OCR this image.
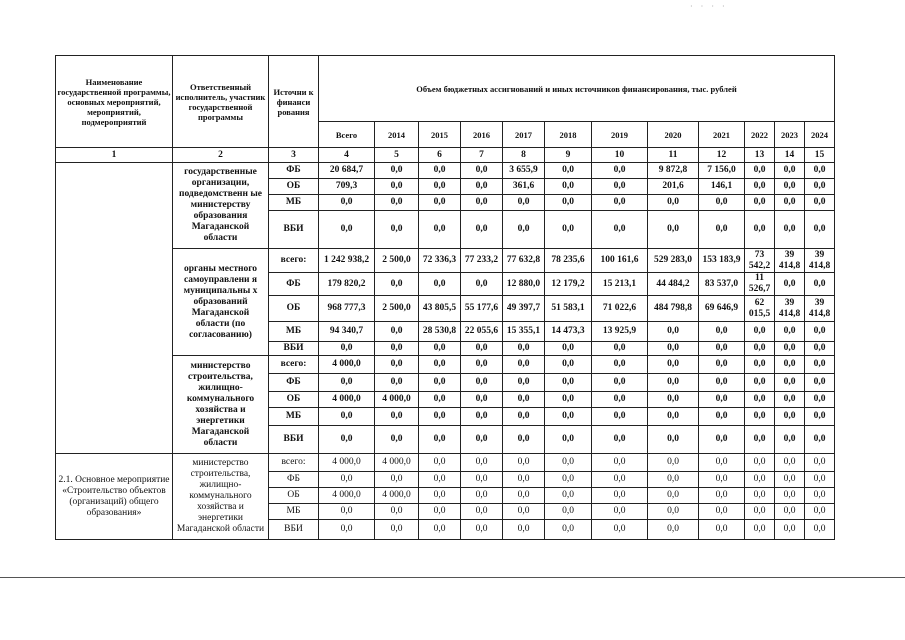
· · · ·
Наименование государственной программы, основных мероприятий, мероприятий, подмероприятий	Ответственный исполнитель, участник государственной программы	Источни к финанси рования	Объем бюджетных ассигнований и иных источников финансирования, тыс. рублей											
			Всего	2014	2015	2016	2017	2018	2019	2020	2021	2022	2023	2024
1	2	3	4	5	6	7	8	9	10	11	12	13	14	15
	государственные организации, подведомственн ые министерству образования Магаданской области	ФБ	20 684,7	0,0	0,0	0,0	3 655,9	0,0	0,0	9 872,8	7 156,0	0,0	0,0	0,0
		ОБ	709,3	0,0	0,0	0,0	361,6	0,0	0,0	201,6	146,1	0,0	0,0	0,0
		МБ	0,0	0,0	0,0	0,0	0,0	0,0	0,0	0,0	0,0	0,0	0,0	0,0
		ВБИ	0,0	0,0	0,0	0,0	0,0	0,0	0,0	0,0	0,0	0,0	0,0	0,0
	органы местного самоуправлени я муниципальны х образований Магаданской области (по согласованию)	всего:	1 242 938,2	2 500,0	72 336,3	77 233,2	77 632,8	78 235,6	100 161,6	529 283,0	153 183,9	73 542,2	39 414,8	39 414,8
		ФБ	179 820,2	0,0	0,0	0,0	12 880,0	12 179,2	15 213,1	44 484,2	83 537,0	11 526,7	0,0	0,0
		ОБ	968 777,3	2 500,0	43 805,5	55 177,6	49 397,7	51 583,1	71 022,6	484 798,8	69 646,9	62 015,5	39 414,8	39 414,8
		МБ	94 340,7	0,0	28 530,8	22 055,6	15 355,1	14 473,3	13 925,9	0,0	0,0	0,0	0,0	0,0
		ВБИ	0,0	0,0	0,0	0,0	0,0	0,0	0,0	0,0	0,0	0,0	0,0	0,0
	министерство строительства, жилищно- коммунального хозяйства и энергетики Магаданской области	всего:	4 000,0	0,0	0,0	0,0	0,0	0,0	0,0	0,0	0,0	0,0	0,0	0,0
		ФБ	0,0	0,0	0,0	0,0	0,0	0,0	0,0	0,0	0,0	0,0	0,0	0,0
		ОБ	4 000,0	4 000,0	0,0	0,0	0,0	0,0	0,0	0,0	0,0	0,0	0,0	0,0
		МБ	0,0	0,0	0,0	0,0	0,0	0,0	0,0	0,0	0,0	0,0	0,0	0,0
		ВБИ	0,0	0,0	0,0	0,0	0,0	0,0	0,0	0,0	0,0	0,0	0,0	0,0
2.1. Основное мероприятие «Строительство объектов (организаций) общего образования»	министерство строительства, жилищно- коммунального хозяйства и энергетики Магаданской области	всего:	4 000,0	4 000,0	0,0	0,0	0,0	0,0	0,0	0,0	0,0	0,0	0,0	0,0
		ФБ	0,0	0,0	0,0	0,0	0,0	0,0	0,0	0,0	0,0	0,0	0,0	0,0
		ОБ	4 000,0	4 000,0	0,0	0,0	0,0	0,0	0,0	0,0	0,0	0,0	0,0	0,0
		МБ	0,0	0,0	0,0	0,0	0,0	0,0	0,0	0,0	0,0	0,0	0,0	0,0
		ВБИ	0,0	0,0	0,0	0,0	0,0	0,0	0,0	0,0	0,0	0,0	0,0	0,0
